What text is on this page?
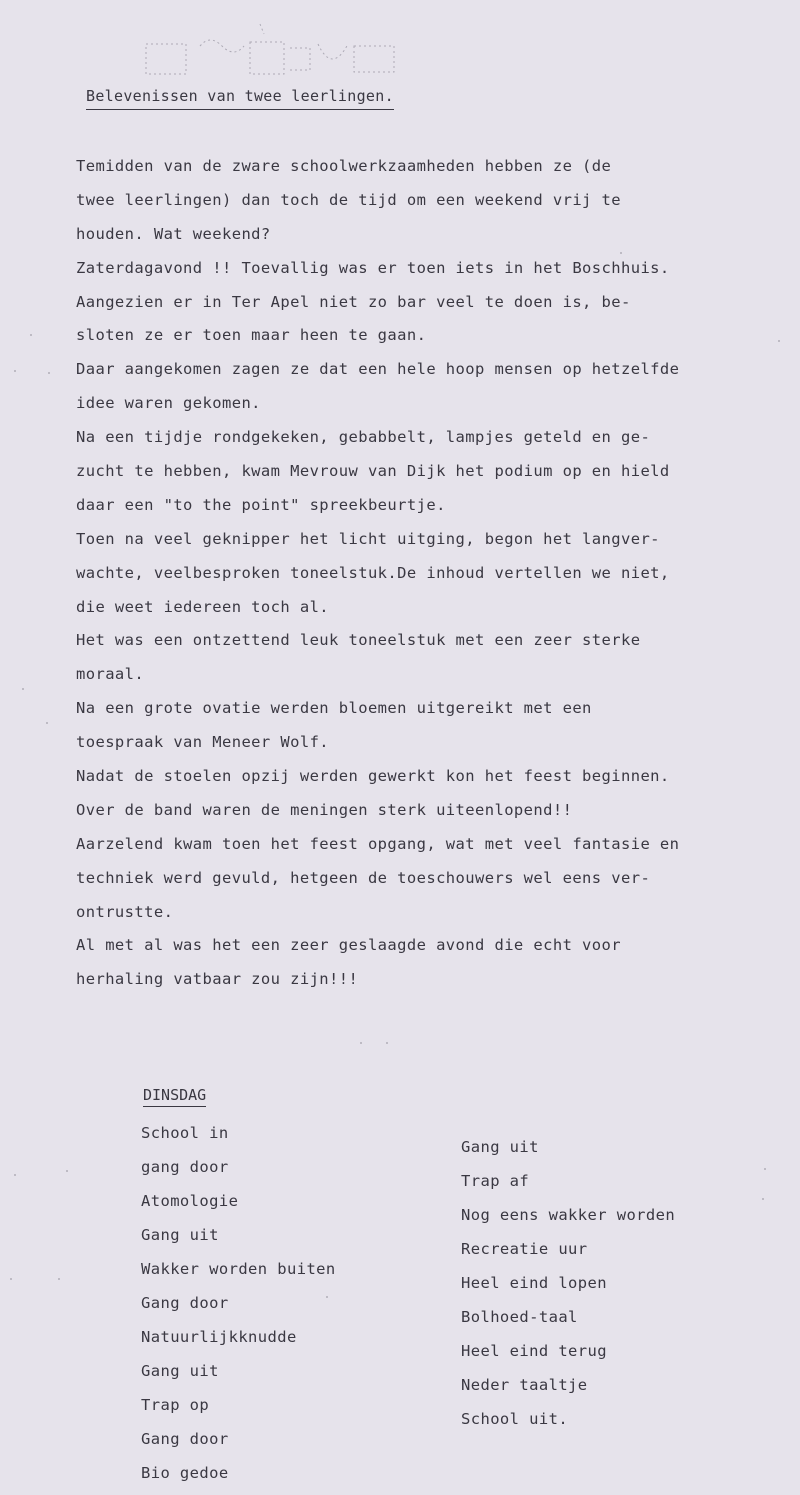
Belevenissen van twee leerlingen.
Temidden van de zware schoolwerkzaamheden hebben ze (de
twee leerlingen) dan toch de tijd om een weekend vrij te
houden. Wat weekend?
Zaterdagavond !! Toevallig was er toen iets in het Boschhuis.
Aangezien er in Ter Apel niet zo bar veel te doen is, be-
sloten ze er toen maar heen te gaan.
Daar aangekomen zagen ze dat een hele hoop mensen op hetzelfde
idee waren gekomen.
Na een tijdje rondgekeken, gebabbelt, lampjes geteld en ge-
zucht te hebben, kwam Mevrouw van Dijk het podium op en hield
daar een "to the point" spreekbeurtje.
Toen na veel geknipper het licht uitging, begon het langver-
wachte, veelbesproken toneelstuk.De inhoud vertellen we niet,
die weet iedereen toch al.
Het was een ontzettend leuk toneelstuk met een zeer sterke
moraal.
Na een grote ovatie werden bloemen uitgereikt met een
toespraak van Meneer Wolf.
Nadat de stoelen opzij werden gewerkt kon het feest beginnen.
Over de band waren de meningen sterk uiteenlopend!!
Aarzelend kwam toen het feest opgang, wat met veel fantasie en
techniek werd gevuld, hetgeen de toeschouwers wel eens ver-
ontrustte.
Al met al was het een zeer geslaagde avond die echt voor
herhaling vatbaar zou zijn!!!
DINSDAG
School in
gang door
Atomologie
Gang uit
Wakker worden buiten
Gang door
Natuurlijkknudde
Gang uit
Trap op
Gang door
Bio gedoe
Gang uit
Trap af
Nog eens wakker worden
Recreatie uur
Heel eind lopen
Bolhoed-taal
Heel eind terug
Neder taaltje
School uit.
